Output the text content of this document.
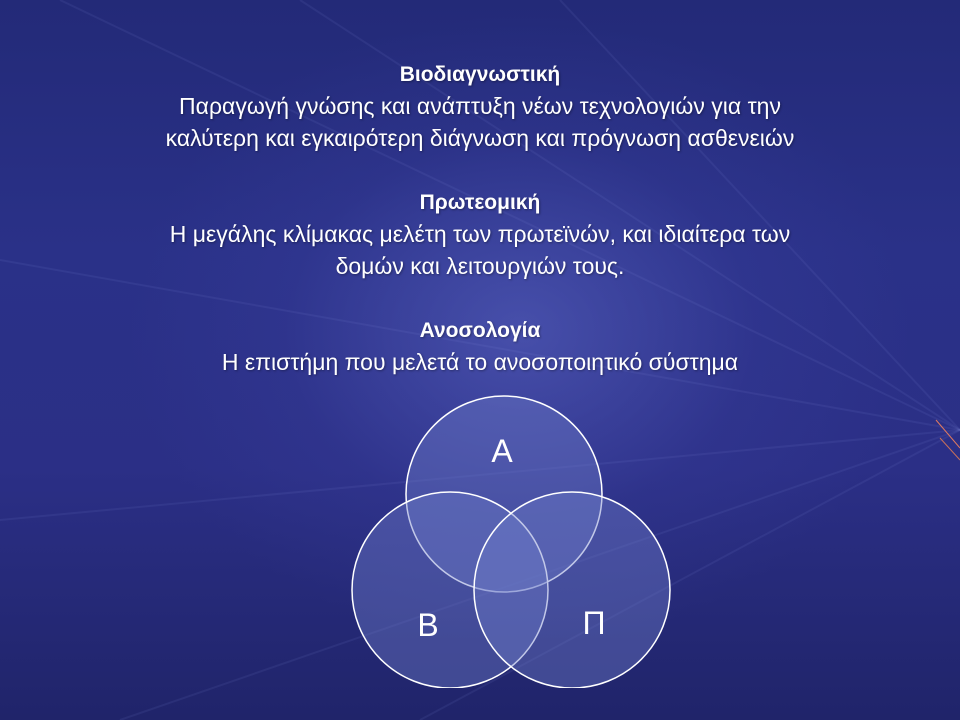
Βιοδιαγνωστική
Παραγωγή γνώσης και ανάπτυξη νέων τεχνολογιών για την
καλύτερη και εγκαιρότερη διάγνωση και πρόγνωση ασθενειών
Πρωτεομική
Η μεγάλης κλίμακας μελέτη των πρωτεϊνών, και ιδιαίτερα των
δομών και λειτουργιών τους.
Ανοσολογία
Η επιστήμη που μελετά το ανοσοποιητικό σύστημα
Α
Β	Π
